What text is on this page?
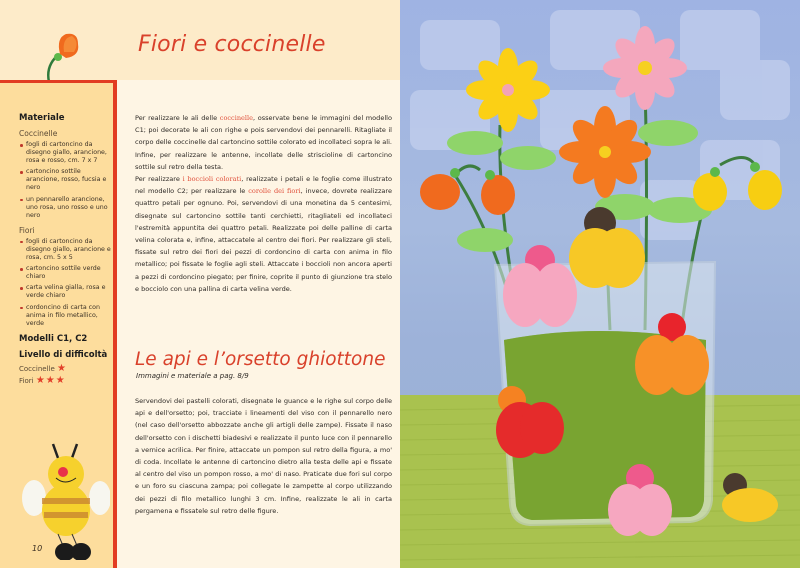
Fiori e coccinelle
Materiale
Coccinelle
fogli di cartoncino da disegno giallo, arancione, rosa e rosso, cm. 7 x 7
cartoncino sottile arancione, rosso, fucsia e nero
un pennarello arancione, uno rosa, uno rosso e uno nero
Fiori
fogli di cartoncino da disegno giallo, arancione e rosa, cm. 5 x 5
cartoncino sottile verde chiaro
carta velina gialla, rosa e verde chiaro
cordoncino di carta con anima in filo metallico, verde
Modelli C1, C2
Livello di difficoltà
Coccinelle ★
Fiori ★★★
10
Per realizzare le ali delle coccinelle, osservate bene le immagini del modello C1; poi decorate le ali con righe e pois servendovi dei pennarelli. Ritagliate il corpo delle coccinelle dal cartoncino sottile colorato ed incollateci sopra le ali. Infine, per realizzare le antenne, incollate delle striscioline di cartoncino sottile sul retro della testa.
Per realizzare i boccioli colorati, realizzate i petali e le foglie come illustrato nel modello C2; per realizzare le corolle dei fiori, invece, dovrete realizzare quattro petali per ognuno. Poi, servendovi di una monetina da 5 centesimi, disegnate sul cartoncino sottile tanti cerchietti, ritagliateli ed incollateci l'estremità appuntita dei quattro petali. Realizzate poi delle palline di carta velina colorata e, infine, attaccatele al centro dei fiori. Per realizzare gli steli, fissate sul retro dei fiori dei pezzi di cordoncino di carta con anima in filo metallico; poi fissate le foglie agli steli. Attaccate i boccioli non ancora aperti a pezzi di cordoncino piegato; per finire, coprite il punto di giunzione tra stelo e bocciolo con una pallina di carta velina verde.
Le api e l’orsetto ghiottone
Immagini e materiale a pag. 8/9
Servendovi dei pastelli colorati, disegnate le guance e le righe sul corpo delle api e dell'orsetto; poi, tracciate i lineamenti del viso con il pennarello nero (nel caso dell'orsetto abbozzate anche gli artigli delle zampe). Fissate il naso dell'orsetto con i dischetti biadesivi e realizzate il punto luce con il pennarello a vernice acrilica. Per finire, attaccate un pompon sul retro della figura, a mo' di coda. Incollate le antenne di cartoncino dietro alla testa delle api e fissate al centro del viso un pompon rosso, a mo' di naso. Praticate due fori sul corpo e un foro su ciascuna zampa; poi collegate le zampette al corpo utilizzando dei pezzi di filo metallico lunghi 3 cm. Infine, realizzate le ali in carta pergamena e fissatele sul retro delle figure.
